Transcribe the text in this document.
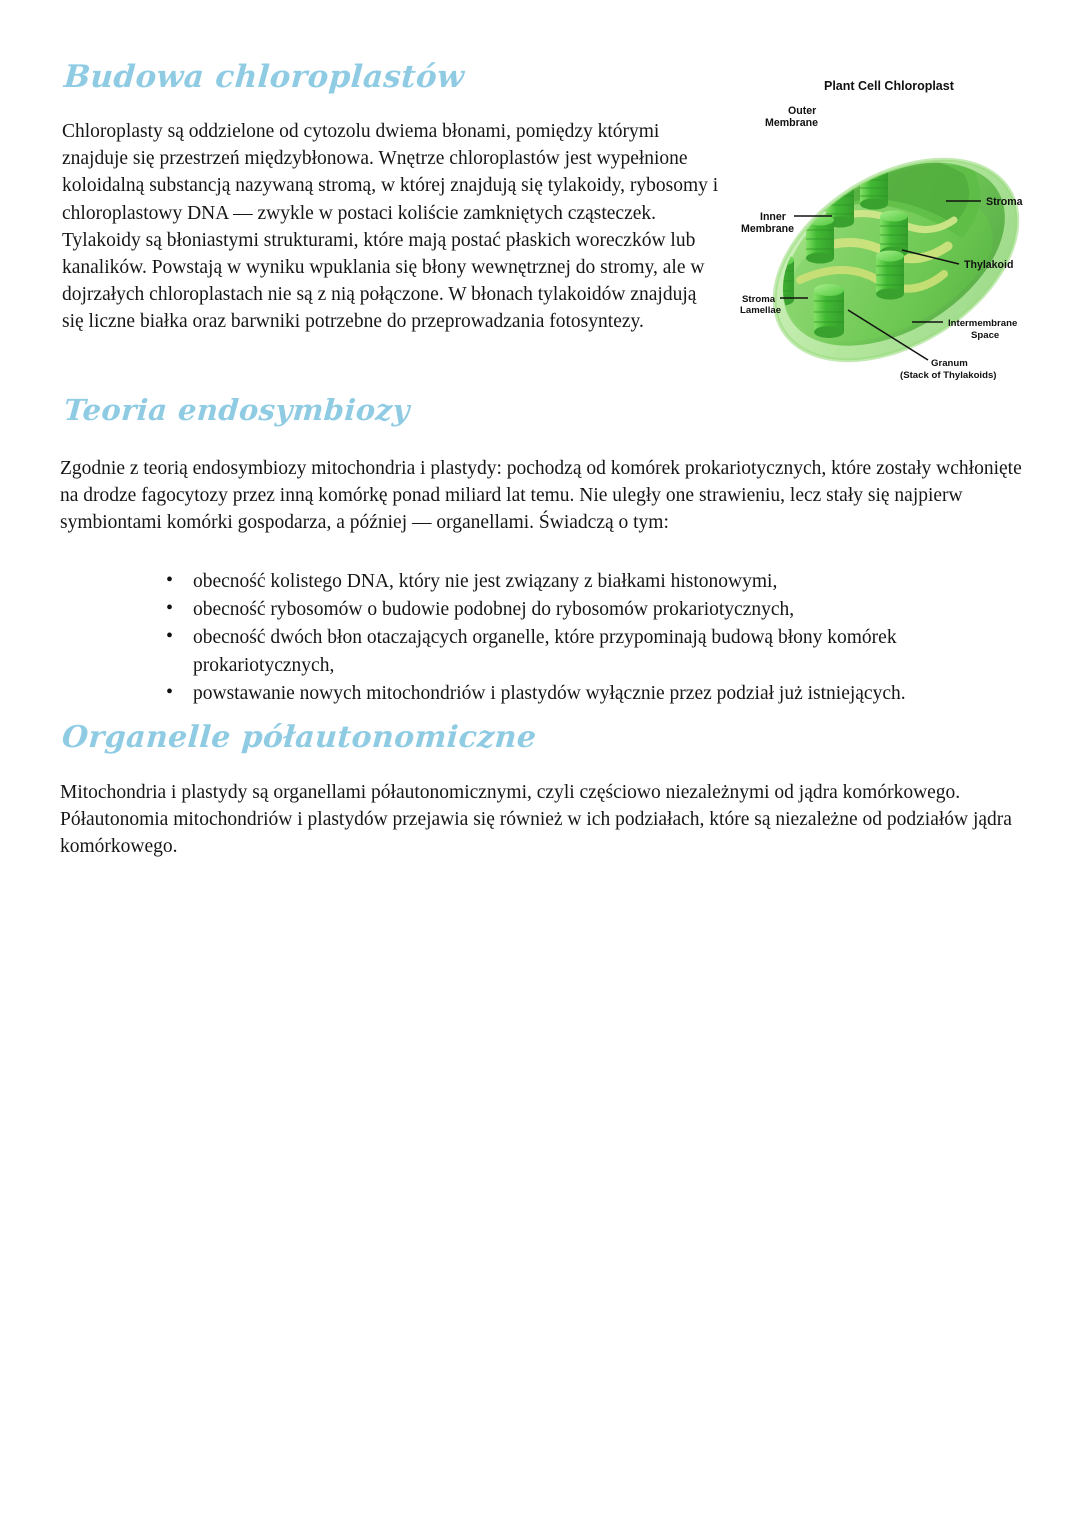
Budowa chloroplastów
Chloroplasty są oddzielone od cytozolu dwiema błonami, pomiędzy którymi znajduje się przestrzeń międzybłonowa. Wnętrze chloroplastów jest wypełnione koloidalną substancją nazywaną stromą, w której znajdują się tylakoidy, rybosomy i chloroplastowy DNA — zwykle w postaci koliście zamkniętych cząsteczek. Tylakoidy są błoniastymi strukturami, które mają postać płaskich woreczków lub kanalików. Powstają w wyniku wpuklania się błony wewnętrznej do stromy, ale w dojrzałych chloroplastach nie są z nią połączone. W błonach tylakoidów znajdują się liczne białka oraz barwniki potrzebne do przeprowadzania fotosyntezy.
Plant Cell Chloroplast
Outer
Membrane
Inner
Membrane
Stroma
Lamellae
Stroma
Thylakoid
Intermembrane
Space
Granum
(Stack of Thylakoids)
Teoria endosymbiozy
Zgodnie z teorią endosymbiozy mitochondria i plastydy: pochodzą od komórek prokariotycznych, które zostały wchłonięte na drodze fagocytozy przez inną komórkę ponad miliard lat temu. Nie uległy one strawieniu, lecz stały się najpierw symbiontami komórki gospodarza, a później — organellami. Świadczą o tym:
• obecność kolistego DNA, który nie jest związany z białkami histonowymi,
• obecność rybosomów o budowie podobnej do rybosomów prokariotycznych,
• obecność dwóch błon otaczających organelle, które przypominają budową błony komórek prokariotycznych,
• powstawanie nowych mitochondriów i plastydów wyłącznie przez podział już istniejących.
Organelle półautonomiczne
Mitochondria i plastydy są organellami półautonomicznymi, czyli częściowo niezależnymi od jądra komórkowego. Półautonomia mitochondriów i plastydów przejawia się również w ich podziałach, które są niezależne od podziałów jądra komórkowego.
